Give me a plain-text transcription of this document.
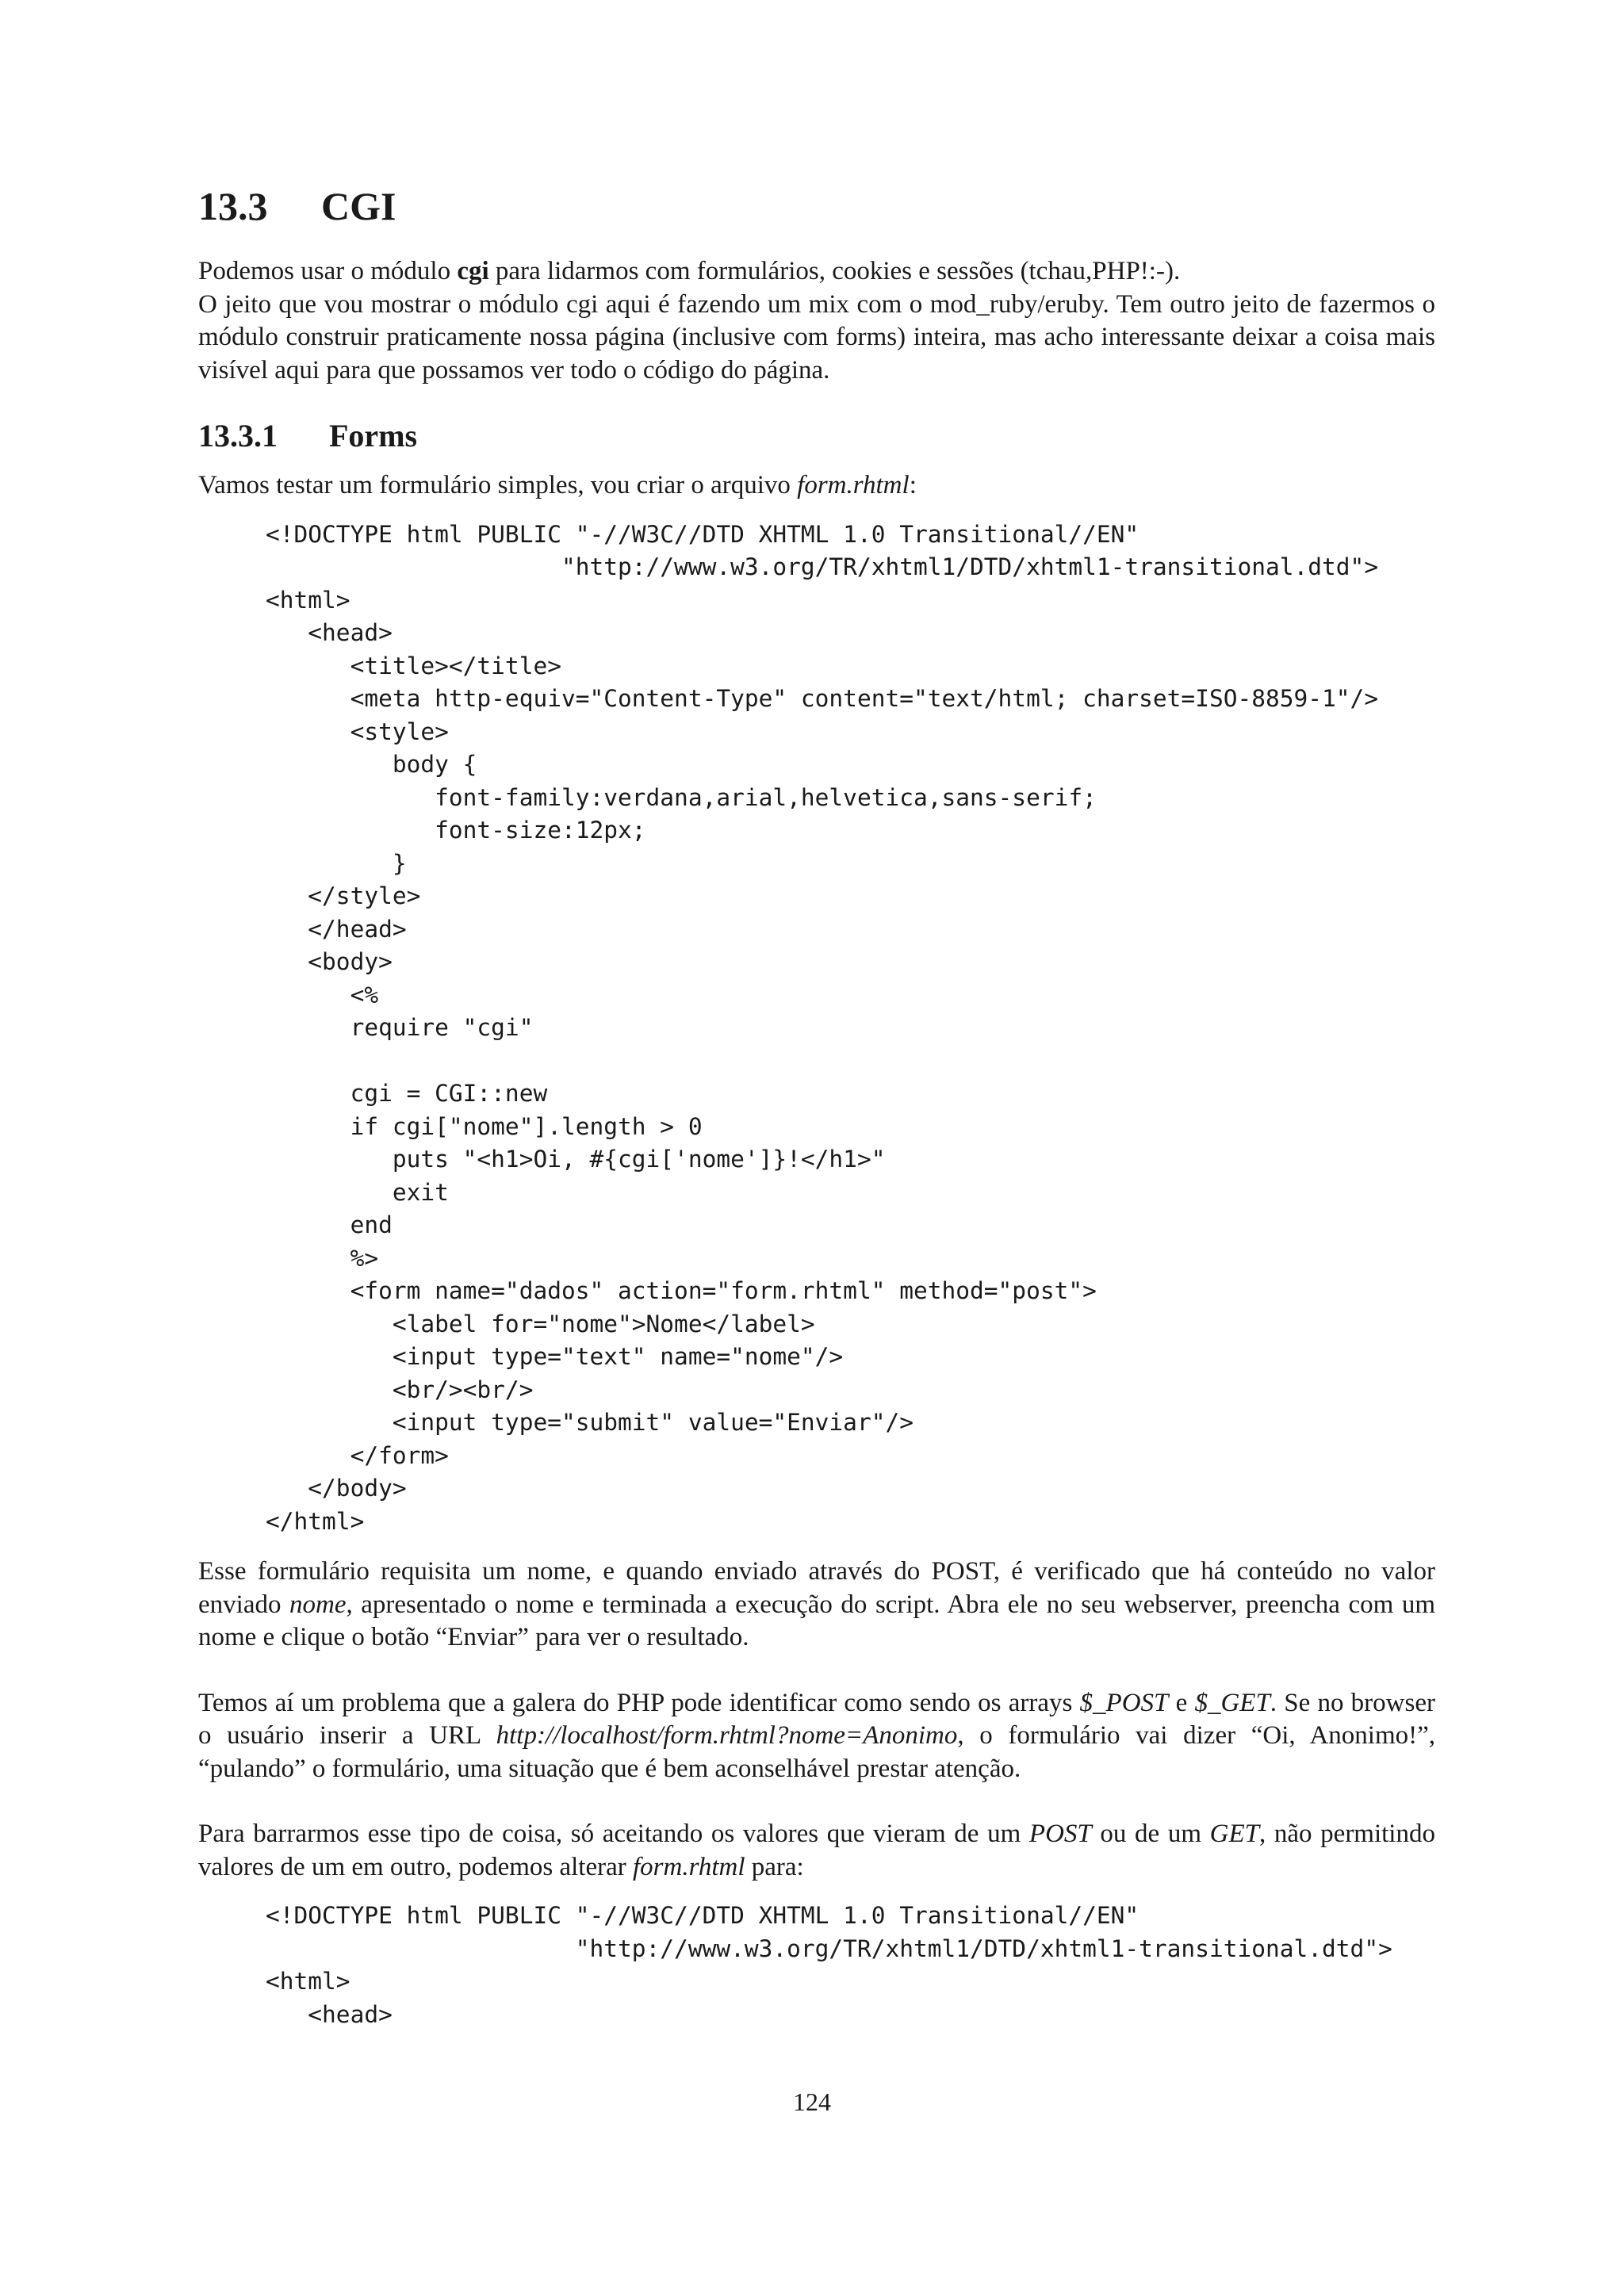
13.3	CGI

Podemos usar o módulo cgi para lidarmos com formulários, cookies e sessões (tchau,PHP!:-).

O jeito que vou mostrar o módulo cgi aqui é fazendo um mix com o mod_ruby/eruby. Tem outro jeito de fazermos o módulo construir praticamente nossa página (inclusive com forms) inteira, mas acho interessante deixar a coisa mais visível aqui para que possamos ver todo o código do página.

13.3.1	Forms

Vamos testar um formulário simples, vou criar o arquivo form.rhtml:

<!DOCTYPE html PUBLIC "-//W3C//DTD XHTML 1.0 Transitional//EN"
"http://www.w3.org/TR/xhtml1/DTD/xhtml1-transitional.dtd">
<html>
<head>
<title></title>
<meta http-equiv="Content-Type" content="text/html; charset=ISO-8859-1"/>
<style>
body {
font-family:verdana,arial,helvetica,sans-serif;
font-size:12px;
}
</style>
</head>
<body>
<%
require "cgi"

cgi = CGI::new
if cgi["nome"].length > 0
puts "<h1>Oi, #{cgi['nome']}!</h1>"
exit
end
%>
<form name="dados" action="form.rhtml" method="post">
<label for="nome">Nome</label>
<input type="text" name="nome"/>
<br/><br/>
<input type="submit" value="Enviar"/>
</form>
</body>
</html>

Esse formulário requisita um nome, e quando enviado através do POST, é verificado que há conteúdo no valor enviado nome, apresentado o nome e terminada a execução do script. Abra ele no seu webserver, preencha com um nome e clique o botão “Enviar” para ver o resultado.

Temos aí um problema que a galera do PHP pode identificar como sendo os arrays $_POST e $_GET. Se no browser o usuário inserir a URL http://localhost/form.rhtml?nome=Anonimo, o formulário vai dizer “Oi, Anonimo!”, “pulando” o formulário, uma situação que é bem aconselhável prestar atenção.

Para barrarmos esse tipo de coisa, só aceitando os valores que vieram de um POST ou de um GET, não permitindo valores de um em outro, podemos alterar form.rhtml para:

<!DOCTYPE html PUBLIC "-//W3C//DTD XHTML 1.0 Transitional//EN"
"http://www.w3.org/TR/xhtml1/DTD/xhtml1-transitional.dtd">
<html>
<head>
124
